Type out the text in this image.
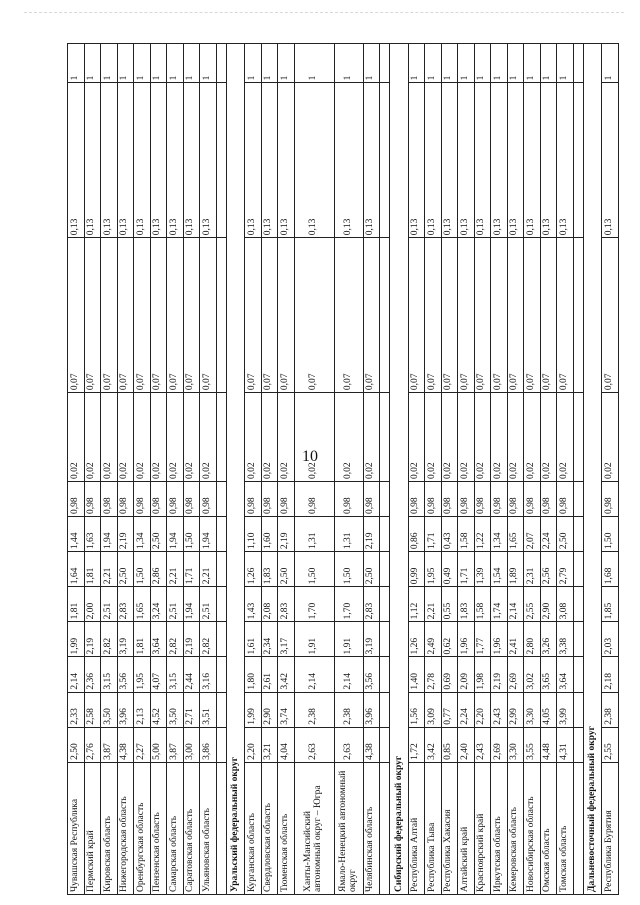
10
Чувашская Республика	2,50	2,33	2,14	1,99	1,81	1,64	1,44	0,98	0,02	0,07	0,13	1
Пермский край	2,76	2,58	2,36	2,19	2,00	1,81	1,63	0,98	0,02	0,07	0,13	1
Кировская область	3,87	3,50	3,15	2,82	2,51	2,21	1,94	0,98	0,02	0,07	0,13	1
Нижегородская область	4,38	3,96	3,56	3,19	2,83	2,50	2,19	0,98	0,02	0,07	0,13	1
Оренбургская область	2,27	2,13	1,95	1,81	1,65	1,50	1,34	0,98	0,02	0,07	0,13	1
Пензенская область	5,00	4,52	4,07	3,64	3,24	2,86	2,50	0,98	0,02	0,07	0,13	1
Самарская область	3,87	3,50	3,15	2,82	2,51	2,21	1,94	0,98	0,02	0,07	0,13	1
Саратовская область	3,00	2,71	2,44	2,19	1,94	1,71	1,50	0,98	0,02	0,07	0,13	1
Ульяновская область	3,86	3,51	3,16	2,82	2,51	2,21	1,94	0,98	0,02	0,07	0,13	1

Уральский федеральный округ												
Курганская область	2,20	1,99	1,80	1,61	1,43	1,26	1,10	0,98	0,02	0,07	0,13	1
Свердловская область	3,21	2,90	2,61	2,34	2,08	1,83	1,60	0,98	0,02	0,07	0,13	1
Тюменская область	4,04	3,74	3,42	3,17	2,83	2,50	2,19	0,98	0,02	0,07	0,13	1
Ханты-Мансийский автономный округ – Югра	2,63	2,38	2,14	1,91	1,70	1,50	1,31	0,98	0,02	0,07	0,13	1
Ямало-Ненецкий автономный округ	2,63	2,38	2,14	1,91	1,70	1,50	1,31	0,98	0,02	0,07	0,13	1
Челябинская область	4,38	3,96	3,56	3,19	2,83	2,50	2,19	0,98	0,02	0,07	0,13	1

Сибирский федеральный округ												
Республика Алтай	1,72	1,56	1,40	1,26	1,12	0,99	0,86	0,98	0,02	0,07	0,13	1
Республика Тыва	3,42	3,09	2,78	2,49	2,21	1,95	1,71	0,98	0,02	0,07	0,13	1
Республика Хакасия	0,85	0,77	0,69	0,62	0,55	0,49	0,43	0,98	0,02	0,07	0,13	1
Алтайский край	2,40	2,24	2,09	1,96	1,83	1,71	1,58	0,98	0,02	0,07	0,13	1
Красноярский край	2,43	2,20	1,98	1,77	1,58	1,39	1,22	0,98	0,02	0,07	0,13	1
Иркутская область	2,69	2,43	2,19	1,96	1,74	1,54	1,34	0,98	0,02	0,07	0,13	1
Кемеровская область	3,30	2,99	2,69	2,41	2,14	1,89	1,65	0,98	0,02	0,07	0,13	1
Новосибирская область	3,55	3,30	3,02	2,80	2,55	2,31	2,07	0,98	0,02	0,07	0,13	1
Омская область	4,48	4,05	3,65	3,26	2,90	2,56	2,24	0,98	0,02	0,07	0,13	1
Томская область	4,31	3,99	3,64	3,38	3,08	2,79	2,50	0,98	0,02	0,07	0,13	1

Дальневосточный федеральный округ												
Республика Бурятия	2,55	2,38	2,18	2,03	1,85	1,68	1,50	0,98	0,02	0,07	0,13	1
